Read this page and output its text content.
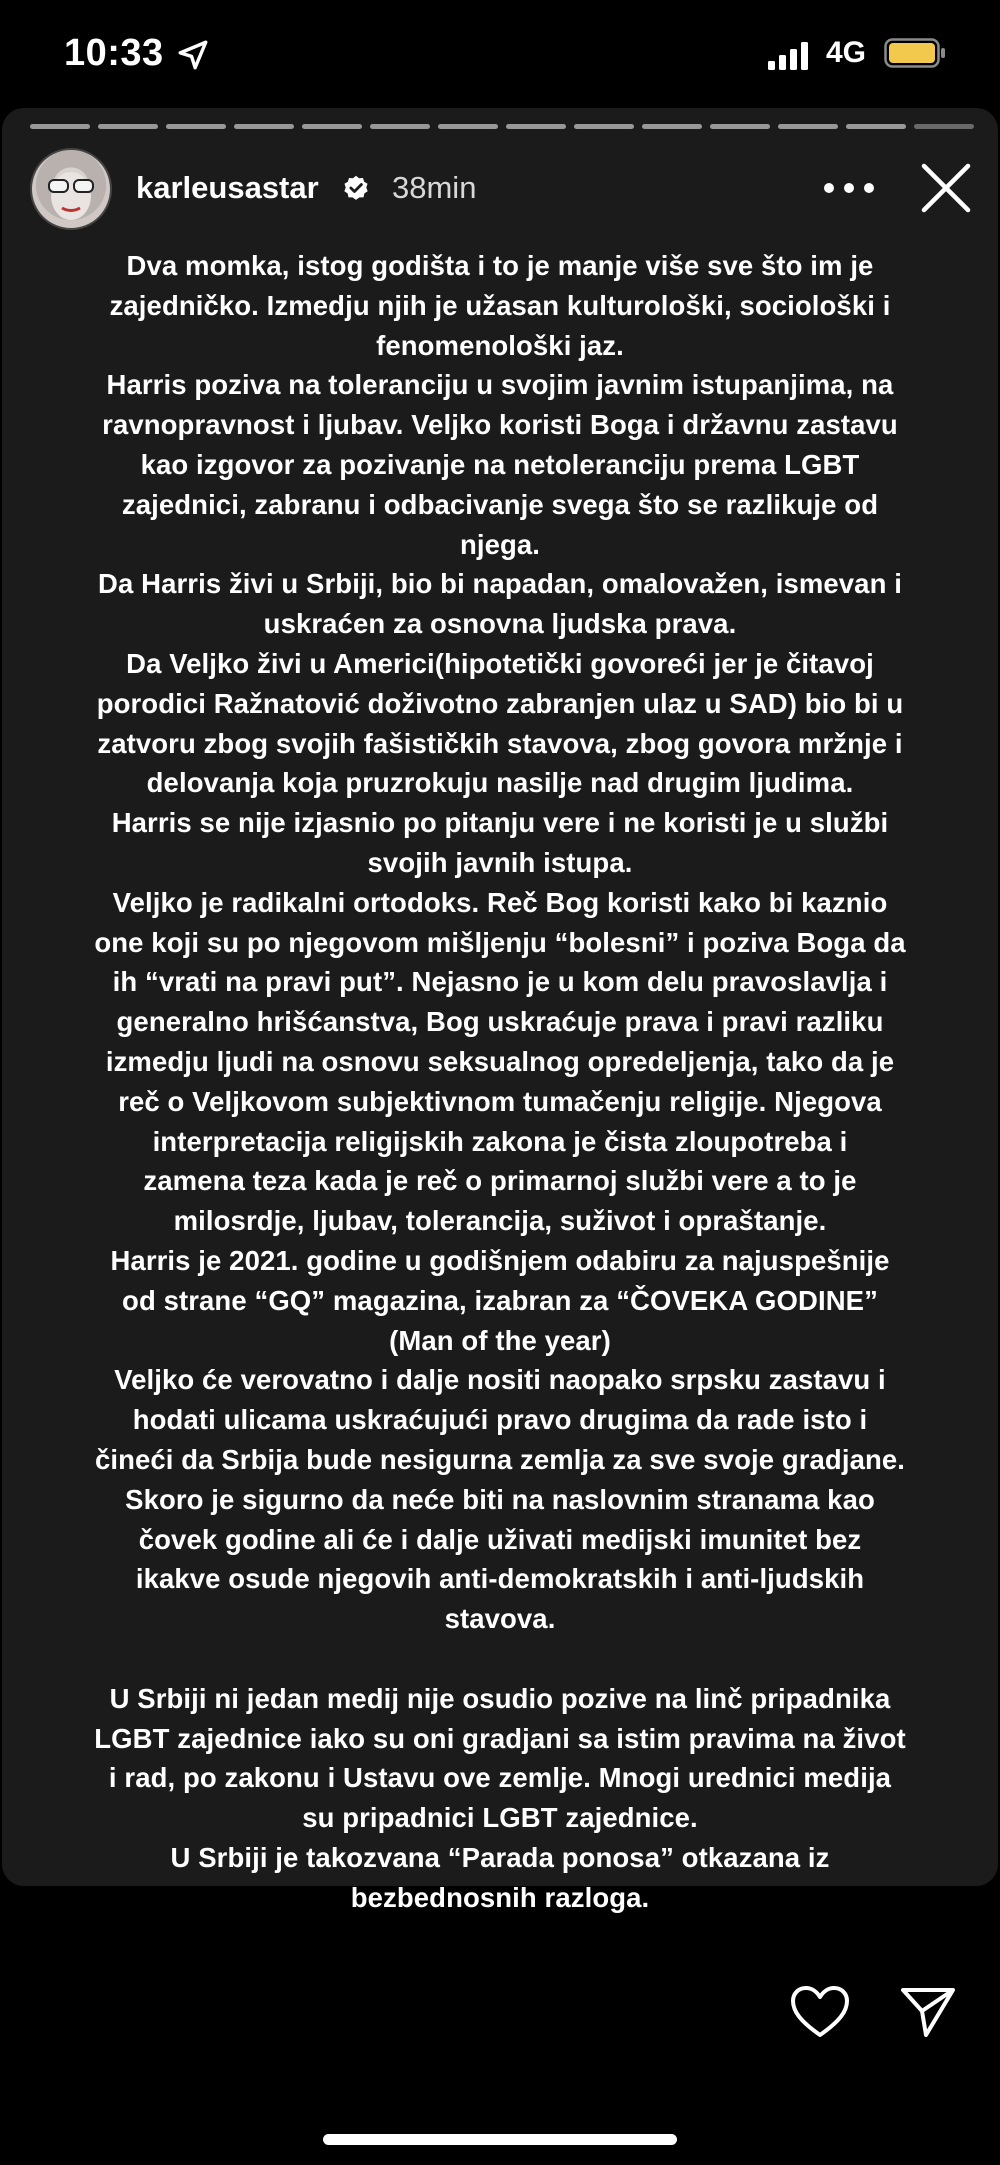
10:33	4G
karleusastar 38min
Dva momka, istog godišta i to je manje više sve što im je
zajedničko. Izmedju njih je užasan kulturološki, sociološki i
fenomenološki jaz.
Harris poziva na toleranciju u svojim javnim istupanjima, na
ravnopravnost i ljubav. Veljko koristi Boga i državnu zastavu
kao izgovor za pozivanje na netoleranciju prema LGBT
zajednici, zabranu i odbacivanje svega što se razlikuje od
njega.
Da Harris živi u Srbiji, bio bi napadan, omalovažen, ismevan i
uskraćen za osnovna ljudska prava.
Da Veljko živi u Americi(hipotetički govoreći jer je čitavoj
porodici Ražnatović doživotno zabranjen ulaz u SAD) bio bi u
zatvoru zbog svojih fašističkih stavova, zbog govora mržnje i
delovanja koja pruzrokuju nasilje nad drugim ljudima.
Harris se nije izjasnio po pitanju vere i ne koristi je u službi
svojih javnih istupa.
Veljko je radikalni ortodoks. Reč Bog koristi kako bi kaznio
one koji su po njegovom mišljenju “bolesni” i poziva Boga da
ih “vrati na pravi put”. Nejasno je u kom delu pravoslavlja i
generalno hrišćanstva, Bog uskraćuje prava i pravi razliku
izmedju ljudi na osnovu seksualnog opredeljenja, tako da je
reč o Veljkovom subjektivnom tumačenju religije. Njegova
interpretacija religijskih zakona je čista zloupotreba i
zamena teza kada je reč o primarnoj službi vere a to je
milosrdje, ljubav, tolerancija, suživot i opraštanje.
Harris je 2021. godine u godišnjem odabiru za najuspešnije
od strane “GQ” magazina, izabran za “ČOVEKA GODINE”
(Man of the year)
Veljko će verovatno i dalje nositi naopako srpsku zastavu i
hodati ulicama uskraćujući pravo drugima da rade isto i
čineći da Srbija bude nesigurna zemlja za sve svoje gradjane.
Skoro je sigurno da neće biti na naslovnim stranama kao
čovek godine ali će i dalje uživati medijski imunitet bez
ikakve osude njegovih anti-demokratskih i anti-ljudskih
stavova.
U Srbiji ni jedan medij nije osudio pozive na linč pripadnika
LGBT zajednice iako su oni gradjani sa istim pravima na život
i rad, po zakonu i Ustavu ove zemlje. Mnogi urednici medija
su pripadnici LGBT zajednice.
U Srbiji je takozvana “Parada ponosa” otkazana iz
bezbednosnih razloga.
